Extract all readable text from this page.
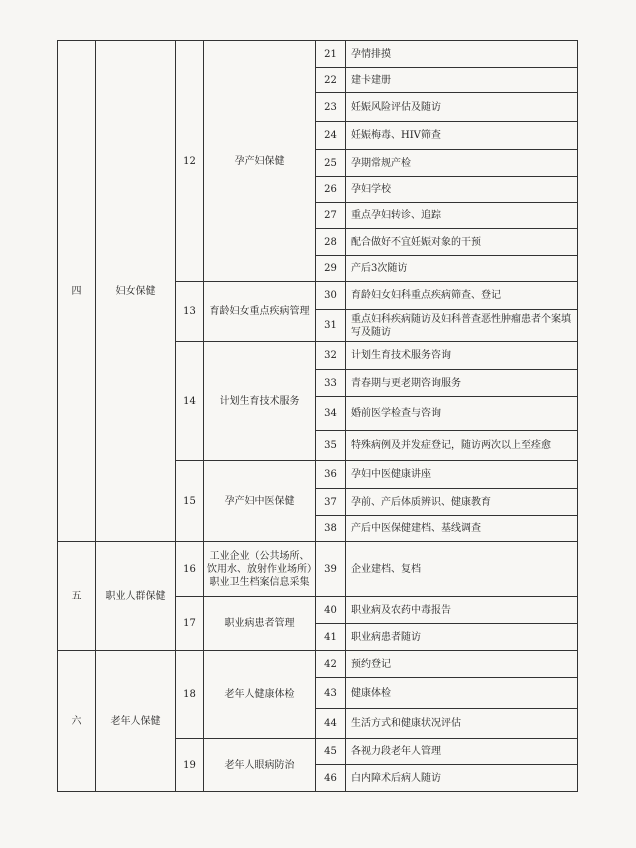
四	妇女保健	12	孕产妇保健	21	孕情排摸
				22	建卡建册
				23	妊娠风险评估及随访
				24	妊娠梅毒、HIV筛查
				25	孕期常规产检
				26	孕妇学校
				27	重点孕妇转诊、追踪
				28	配合做好不宜妊娠对象的干预
				29	产后3次随访
		13	育龄妇女重点疾病管理	30	育龄妇女妇科重点疾病筛查、登记
				31	重点妇科疾病随访及妇科普查恶性肿瘤患者个案填写及随访
		14	计划生育技术服务	32	计划生育技术服务咨询
				33	青春期与更老期咨询服务
				34	婚前医学检查与咨询
				35	特殊病例及并发症登记，随访两次以上至痊愈
		15	孕产妇中医保健	36	孕妇中医健康讲座
				37	孕前、产后体质辨识、健康教育
				38	产后中医保健建档、基线调查
五	职业人群保健	16	工业企业（公共场所、饮用水、放射作业场所）职业卫生档案信息采集	39	企业建档、复档
		17	职业病患者管理	40	职业病及农药中毒报告
				41	职业病患者随访
六	老年人保健	18	老年人健康体检	42	预约登记
				43	健康体检
				44	生活方式和健康状况评估
		19	老年人眼病防治	45	各视力段老年人管理
				46	白内障术后病人随访
